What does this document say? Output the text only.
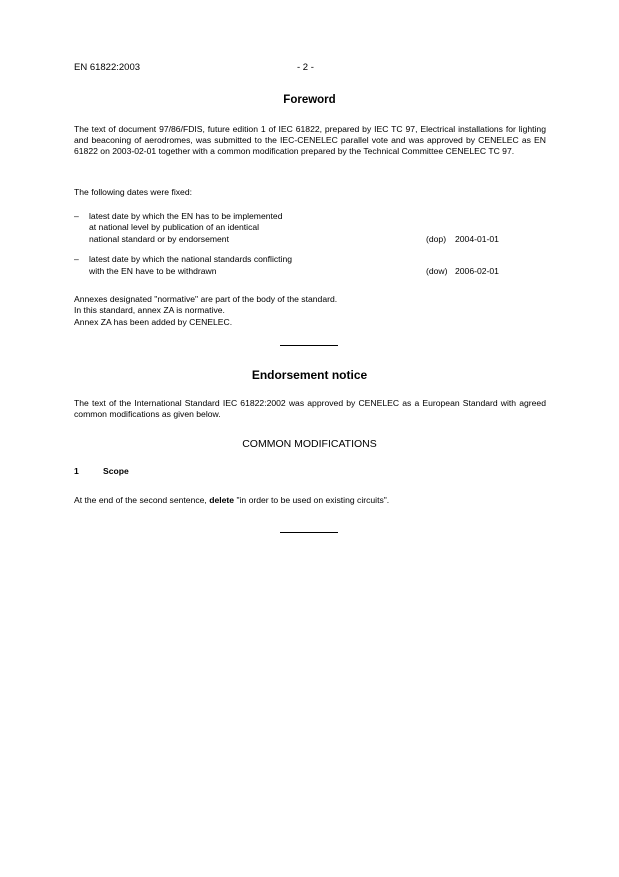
EN 61822:2003	- 2 -
Foreword
The text of document 97/86/FDIS, future edition 1 of IEC 61822, prepared by IEC TC 97, Electrical installations for lighting and beaconing of aerodromes, was submitted to the IEC-CENELEC parallel vote and was approved by CENELEC as EN 61822 on 2003-02-01 together with a common modification prepared by the Technical Committee CENELEC TC 97.
The following dates were fixed:
– latest date by which the EN has to be implemented
at national level by publication of an identical
national standard or by endorsement	(dop) 2004-01-01
– latest date by which the national standards conflicting
with the EN have to be withdrawn	(dow) 2006-02-01
Annexes designated "normative" are part of the body of the standard.
In this standard, annex ZA is normative.
Annex ZA has been added by CENELEC.
Endorsement notice
The text of the International Standard IEC 61822:2002 was approved by CENELEC as a European Standard with agreed common modifications as given below.
COMMON MODIFICATIONS
1	Scope
At the end of the second sentence, delete "in order to be used on existing circuits".
